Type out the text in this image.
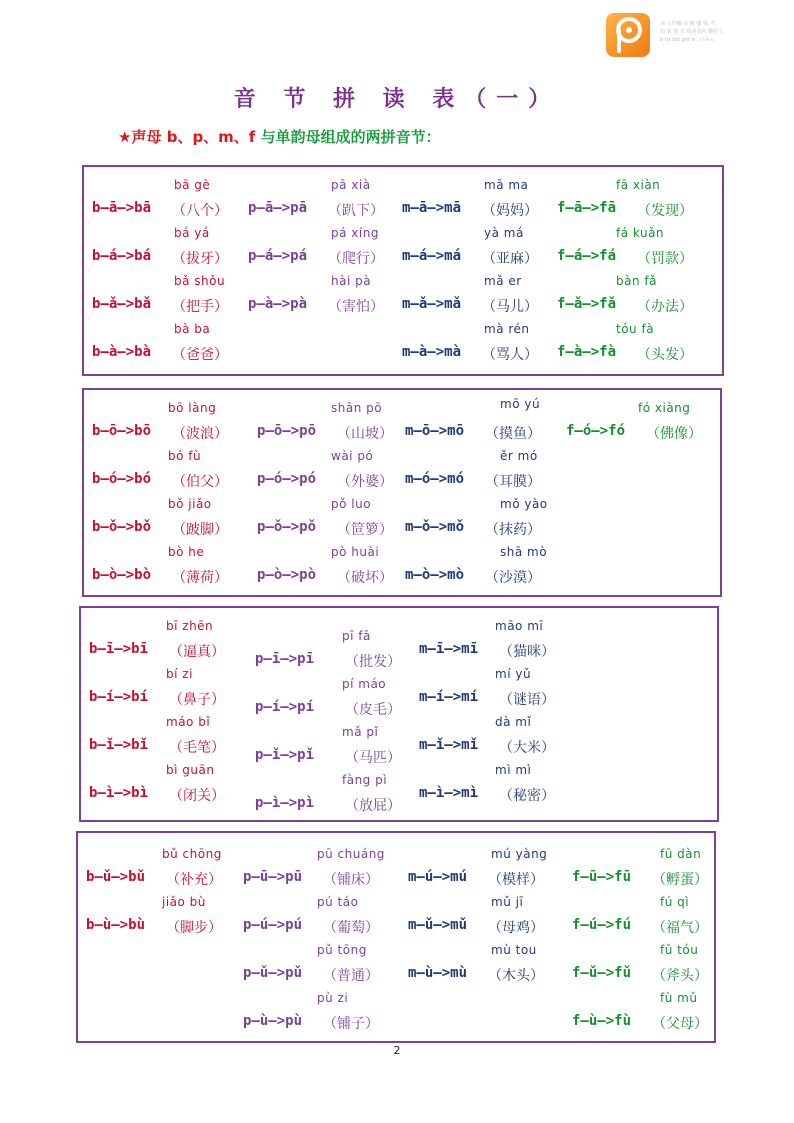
读 文档赚 读 赚 赚 钱, 生
知 果 赞 去 睹读书何 赚库文
b ttt bdi get w . j i k u
音 节 拼 读 表（一）
★声母 b、p、m、f 与单韵母组成的两拼音节：
bā gè
b—ā—>bā （八个）
pā xià
p—ā—>pā （趴下）
mā ma
m—ā—>mā （妈妈）
fā xiàn
f—ā—>fā （发现）
bá yá
b—á—>bá （拔牙）
pá xíng
p—á—>pá （爬行）
yà má
m—á—>má （亚麻）
fá kuǎn
f—á—>fá （罚款）
bǎ shǒu
b—ǎ—>bǎ （把手）
hài pà
p—à—>pà （害怕）
mǎ er
m—ǎ—>mǎ （马儿）
bàn fǎ
f—ǎ—>fǎ （办法）
bà ba
b—à—>bà （爸爸）
mà rén
m—à—>mà （骂人）
tóu fà
f—à—>fà （头发）
bō làng
b—ō—>bō （波浪）
shān pō
p—ō—>pō （山坡）
mō yú
m—ō—>mō （摸鱼）
fó xiàng
f—ó—>fó （佛像）
bó fù
b—ó—>bó （伯父）
wài pó
p—ó—>pó （外婆）
ěr mó
m—ó—>mó （耳膜）
bǒ jiǎo
b—ǒ—>bǒ （跛脚）
pǒ luo
p—ǒ—>pǒ （笸箩）
mǒ yào
m—ǒ—>mǒ （抹药）
bò he
b—ò—>bò （薄荷）
pò huài
p—ò—>pò （破坏）
shā mò
m—ò—>mò （沙漠）
bī zhēn
b—ī—>bī （逼真）
pī fā
p—ī—>pī （批发）
māo mī
m—ī—>mī （猫咪）
bí zi
b—í—>bí （鼻子）
pí máo
p—í—>pí （皮毛）
mí yǔ
m—í—>mí （谜语）
máo bǐ
b—ǐ—>bǐ （毛笔）
mǎ pǐ
p—ǐ—>pǐ （马匹）
dà mǐ
m—ǐ—>mǐ （大米）
bì guān
b—ì—>bì （闭关）
fàng pì
p—ì—>pì （放屁）
mì mì
m—ì—>mì （秘密）
bǔ chōng
b—ǔ—>bǔ （补充）
pū chuáng
p—ū—>pū （铺床）
mú yàng
m—ú—>mú （模样）
fū dàn
f—ū—>fū （孵蛋）
jiǎo bù
b—ù—>bù （脚步）
pú táo
p—ú—>pú （葡萄）
mǔ jī
m—ǔ—>mǔ （母鸡）
fú qì
f—ú—>fú （福气）
pǔ tōng
p—ǔ—>pǔ （普通）
mù tou
m—ù—>mù （木头）
fǔ tóu
f—ǔ—>fǔ （斧头）
pù zi
p—ù—>pù （铺子）
fù mǔ
f—ù—>fù （父母）
2
